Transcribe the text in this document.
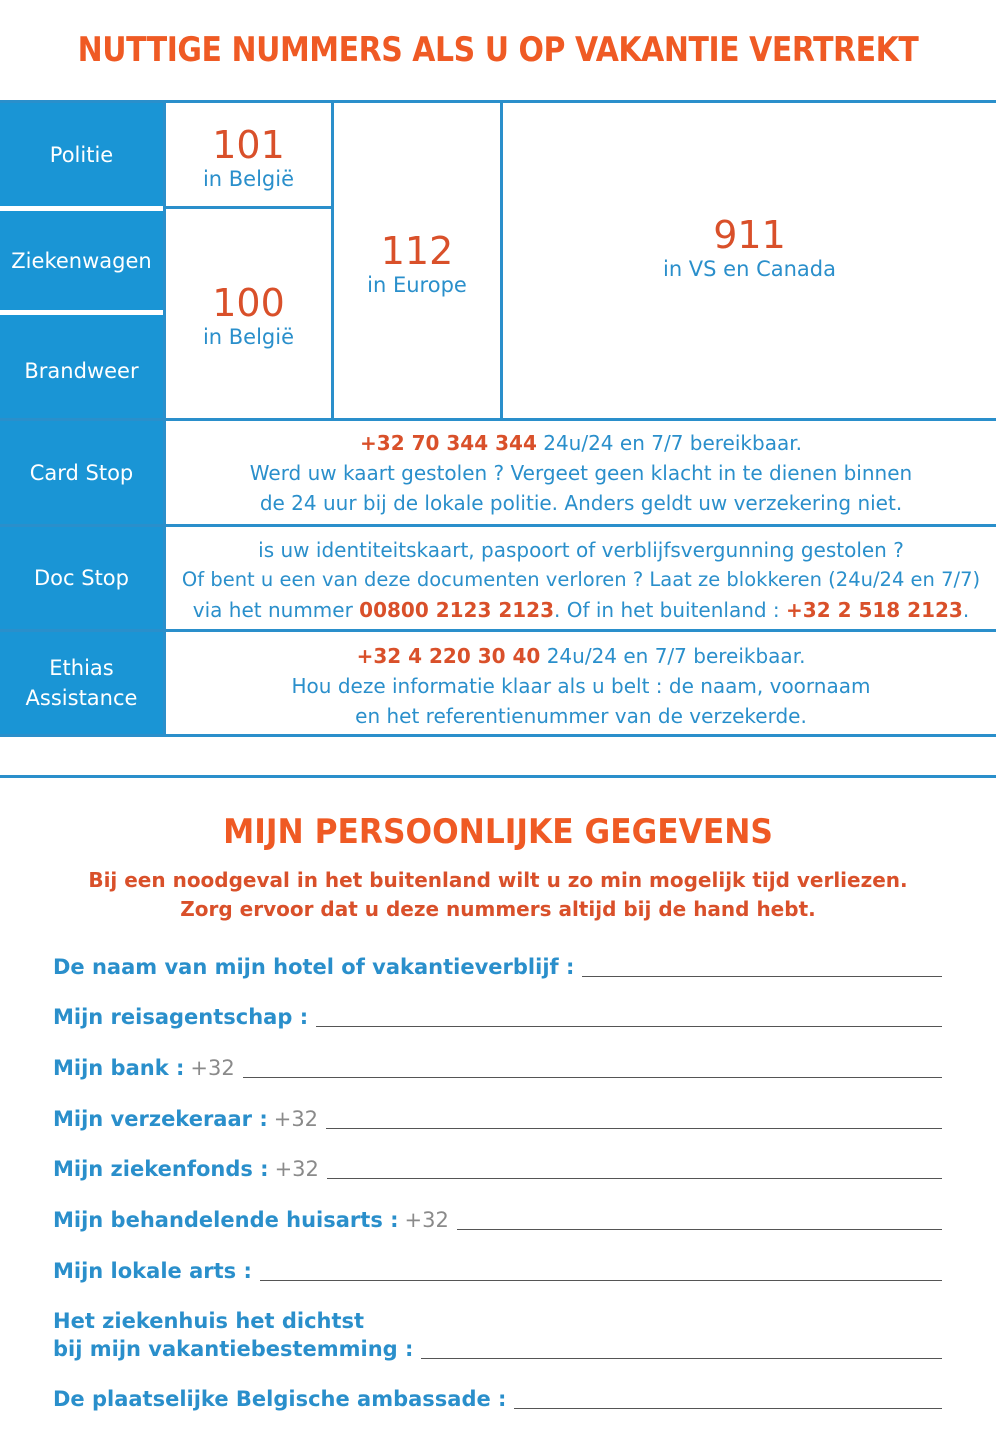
NUTTIGE NUMMERS ALS U OP VAKANTIE VERTREKT
Politie
Ziekenwagen
Brandweer
Card Stop
Doc Stop
Ethias
Assistance
101
in België
100
in België
112
in Europe
911
in VS en Canada
+32 70 344 344 24u/24 en 7/7 bereikbaar.
Werd uw kaart gestolen ? Vergeet geen klacht in te dienen binnen
de 24 uur bij de lokale politie. Anders geldt uw verzekering niet.
is uw identiteitskaart, paspoort of verblijfsvergunning gestolen ?
Of bent u een van deze documenten verloren ? Laat ze blokkeren (24u/24 en 7/7)
via het nummer 00800 2123 2123. Of in het buitenland : +32 2 518 2123.
+32 4 220 30 40 24u/24 en 7/7 bereikbaar.
Hou deze informatie klaar als u belt : de naam, voornaam
en het referentienummer van de verzekerde.
MIJN PERSOONLIJKE GEGEVENS
Bij een noodgeval in het buitenland wilt u zo min mogelijk tijd verliezen.
Zorg ervoor dat u deze nummers altijd bij de hand hebt.
De naam van mijn hotel of vakantieverblijf :
Mijn reisagentschap :
Mijn bank : +32
Mijn verzekeraar : +32
Mijn ziekenfonds : +32
Mijn behandelende huisarts : +32
Mijn lokale arts :
Het ziekenhuis het dichtst
bij mijn vakantiebestemming :
De plaatselijke Belgische ambassade :
